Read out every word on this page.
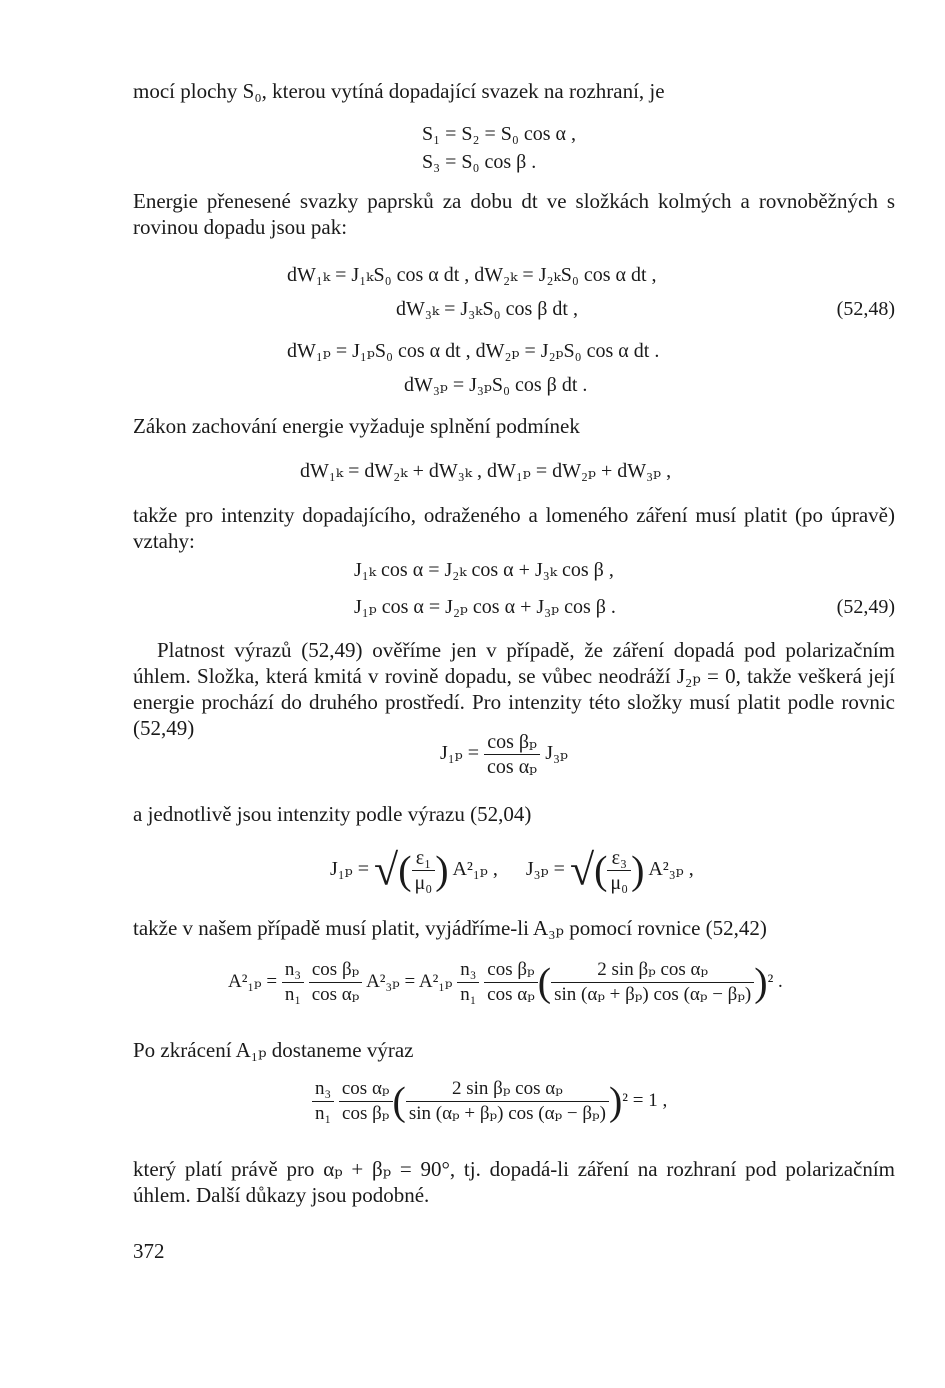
mocí plochy S₀, kterou vytíná dopadající svazek na rozhraní, je
S₁ = S₂ = S₀ cos α ,
S₃ = S₀ cos β .
Energie přenesené svazky paprsků za dobu dt ve složkách kolmých a rovnoběžných s rovinou dopadu jsou pak:
dW₁ₖ = J₁ₖS₀ cos α dt , dW₂ₖ = J₂ₖS₀ cos α dt ,
dW₃ₖ = J₃ₖS₀ cos β dt ,	(52,48)
dW₁ₚ = J₁ₚS₀ cos α dt , dW₂ₚ = J₂ₚS₀ cos α dt .
dW₃ₚ = J₃ₚS₀ cos β dt .
Zákon zachování energie vyžaduje splnění podmínek
dW₁ₖ = dW₂ₖ + dW₃ₖ , dW₁ₚ = dW₂ₚ + dW₃ₚ ,
takže pro intenzity dopadajícího, odraženého a lomeného záření musí platit (po úpravě) vztahy:
J₁ₖ cos α = J₂ₖ cos α + J₃ₖ cos β ,
J₁ₚ cos α = J₂ₚ cos α + J₃ₚ cos β .	(52,49)
Platnost výrazů (52,49) ověříme jen v případě, že záření dopadá pod polarizačním úhlem. Složka, která kmitá v rovině dopadu, se vůbec neodráží J₂ₚ = 0, takže veškerá její energie prochází do druhého prostředí. Pro intenzity této složky musí platit podle rovnic (52,49)
$J_{1p} = \frac{\text{cos βₚ}}{\text{cos αₚ}} J_{3p}$
a jednotlivě jsou intenzity podle výrazu (52,04)
J₁ₚ = √( $\frac{\text{ε₁}}{\text{μ₀}}$ ) A²₁ₚ , J₃ₚ = √( $\frac{\text{ε₃}}{\text{μ₀}}$ ) A²₃ₚ ,
takže v našem případě musí platit, vyjádříme-li A₃ₚ pomocí rovnice (52,42)
$A^2_{1p} = \frac{\text{n₃}}{\text{n₁}}$
$\frac{\text{cos βₚ}}{\text{cos αₚ}} A^2_{3p} = A^2_{1p} \frac{\text{n₃}}{\text{n₁}}$
$\frac{\text{cos βₚ}}{\text{cos αₚ}}$ ( $\frac{\text{2 sin βₚ cos αₚ}}{\text{sin (αₚ + βₚ) cos (αₚ − βₚ)}} )^2$ .
Po zkrácení A₁ₚ dostaneme výraz
$\frac{\text{n₃}}{\text{n₁}}$
$\frac{\text{cos αₚ}}{\text{cos βₚ}}$ ( $\frac{\text{2 sin βₚ cos αₚ}}{\text{sin (αₚ + βₚ) cos (αₚ − βₚ)}} )^2 = 1$ ,
který platí právě pro αₚ + βₚ = 90°, tj. dopadá-li záření na rozhraní pod polarizačním úhlem. Další důkazy jsou podobné.
372
